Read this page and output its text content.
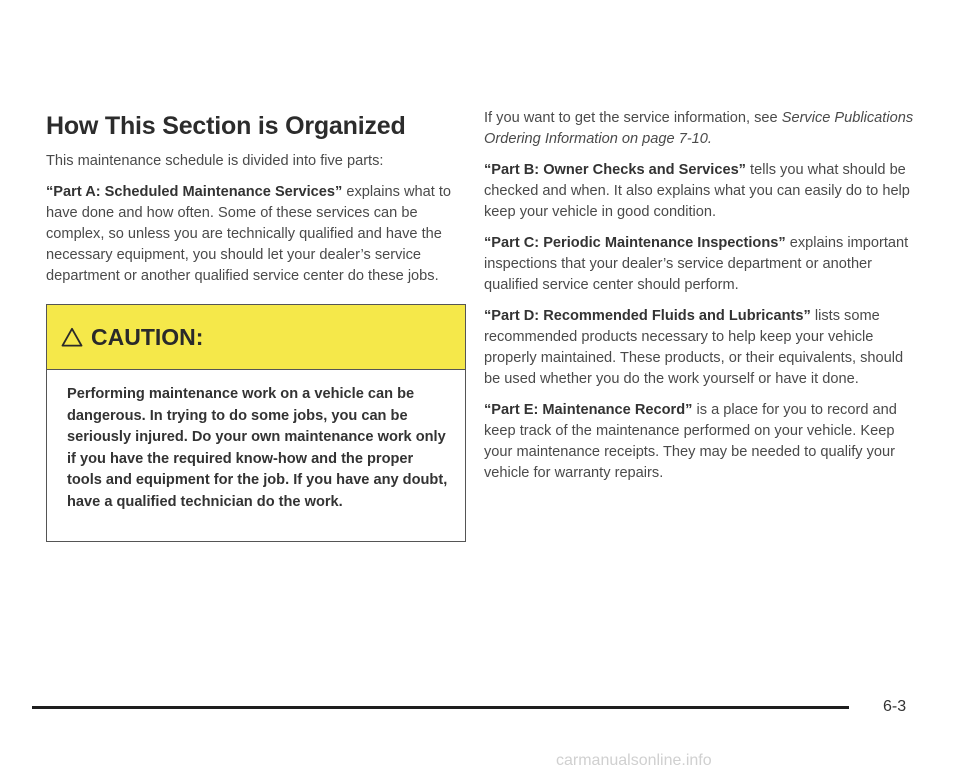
How This Section is Organized

This maintenance schedule is divided into five parts:

“Part A: Scheduled Maintenance Services” explains what to have done and how often. Some of these services can be complex, so unless you are technically qualified and have the necessary equipment, you should let your dealer’s service department or another qualified service center do these jobs.

CAUTION:
Performing maintenance work on a vehicle can be dangerous. In trying to do some jobs, you can be seriously injured. Do your own maintenance work only if you have the required know-how and the proper tools and equipment for the job. If you have any doubt, have a qualified technician do the work.

If you want to get the service information, see Service Publications Ordering Information on page 7-10.

“Part B: Owner Checks and Services” tells you what should be checked and when. It also explains what you can easily do to help keep your vehicle in good condition.

“Part C: Periodic Maintenance Inspections” explains important inspections that your dealer’s service department or another qualified service center should perform.

“Part D: Recommended Fluids and Lubricants” lists some recommended products necessary to help keep your vehicle properly maintained. These products, or their equivalents, should be used whether you do the work yourself or have it done.

“Part E: Maintenance Record” is a place for you to record and keep track of the maintenance performed on your vehicle. Keep your maintenance receipts. They may be needed to qualify your vehicle for warranty repairs.

6-3
carmanualsonline.info
